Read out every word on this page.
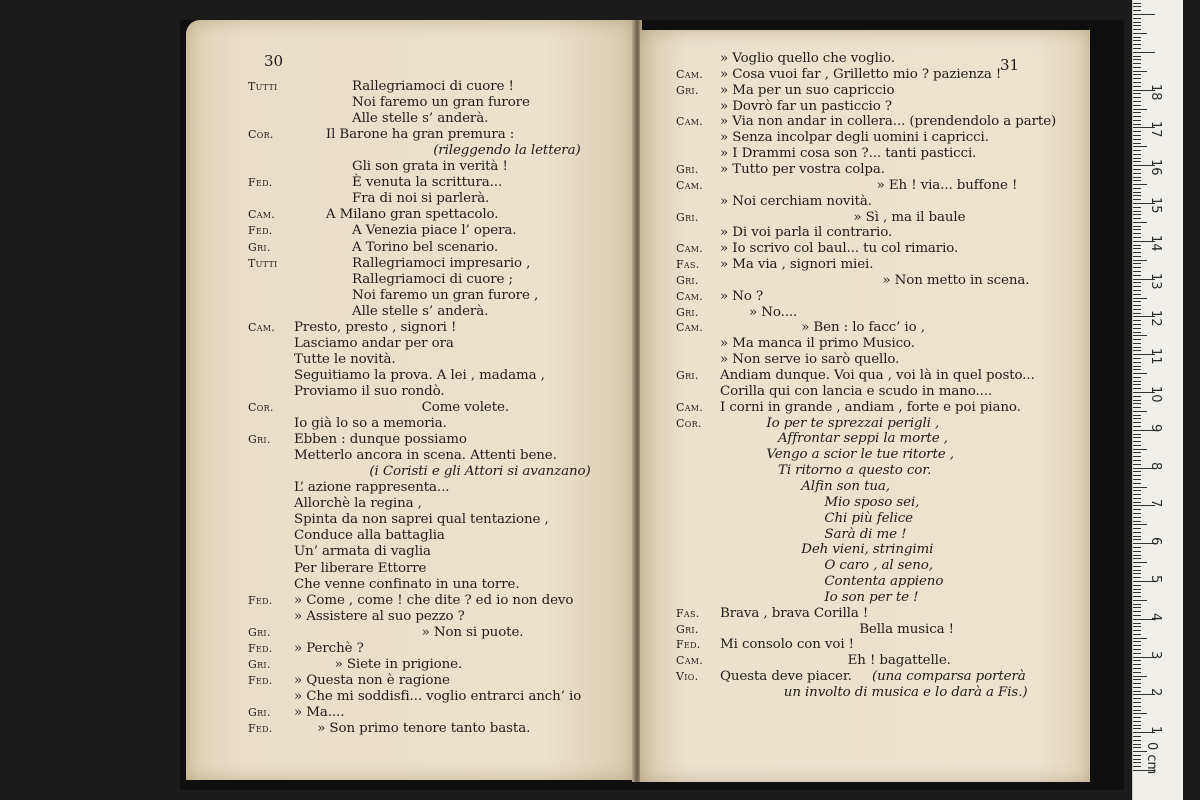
30
Tutti	Rallegriamoci di cuore !
Noi faremo un gran furore
Alle stelle s’ anderà.
Cor.	Il Barone ha gran premura :
(rileggendo la lettera)
Gli son grata in verità !
Fed.	È venuta la scrittura...
Fra di noi si parlerà.
Cam.	A Milano gran spettacolo.
Fed.	A Venezia piace l’ opera.
Gri.	A Torino bel scenario.
Tutti	Rallegriamoci impresario ,
Rallegriamoci di cuore ;
Noi faremo un gran furore ,
Alle stelle s’ anderà.
Cam. Presto, presto , signori !
Lasciamo andar per ora
Tutte le novità.
Seguitiamo la prova. A lei , madama ,
Proviamo il suo rondò.
Cor.	Come volete.
Io già lo so a memoria.
Gri. Ebben : dunque possiamo
Metterlo ancora in scena. Attenti bene.
(i Coristi e gli Attori si avanzano)
L’ azione rappresenta...
Allorchè la regina ,
Spinta da non saprei qual tentazione ,
Conduce alla battaglia
Un’ armata di vaglia
Per liberare Ettorre
Che venne confinato in una torre.
Fed. » Come , come ! che dite ? ed io non devo
» Assistere al suo pezzo ?
Gri.	» Non si puote.
Fed. » Perchè ?
Gri.	» Siete in prigione.
Fed. » Questa non è ragione
» Che mi soddisfi... voglio entrarci anch’ io
Gri. » Ma....
Fed.	» Son primo tenore tanto basta.
31
» Voglio quello che voglio.
Cam. » Cosa vuoi far , Grilletto mio ? pazienza !
Gri. » Ma per un suo capriccio
» Dovrò far un pasticcio ?
Cam. » Via non andar in collera... (prendendolo a parte)
» Senza incolpar degli uomini i capricci.
» I Drammi cosa son ?... tanti pasticci.
Gri. » Tutto per vostra colpa.
Cam.	» Eh ! via... buffone !
» Noi cerchiam novità.
Gri.	» Sì , ma il baule
» Di voi parla il contrario.
Cam. » Io scrivo col baul... tu col rimario.
Fas. » Ma via , signori miei.
Gri.	» Non metto in scena.
Cam. » No ?
Gri.	» No....
Cam.	» Ben : lo facc’ io ,
» Ma manca il primo Musico.
» Non serve io sarò quello.
Gri. Andiam dunque. Voi qua , voi là in quel posto...
Corilla qui con lancia e scudo in mano....
Cam. I corni in grande , andiam , forte e poi piano.
Cor.	Io per te sprezzai perigli ,
Affrontar seppi la morte ,
Vengo a scior le tue ritorte ,
Ti ritorno a questo cor.
Alfin son tua,
Mio sposo sei,
Chi più felice
Sarà di me !
Deh vieni, stringimi
O caro , al seno,
Contenta appieno
Io son per te !
Fas. Brava , brava Corilla !
Gri.	Bella musica !
Fed. Mi consolo con voi !
Cam.	Eh ! bagattelle.
Vio. Questa deve piacer.
un involto di musica e lo darà a Fis.)
(una comparsa porterà
0 cm
1
2
3
4
5
6
7
8
9
10
11
12
13
14
15
16
17
18
